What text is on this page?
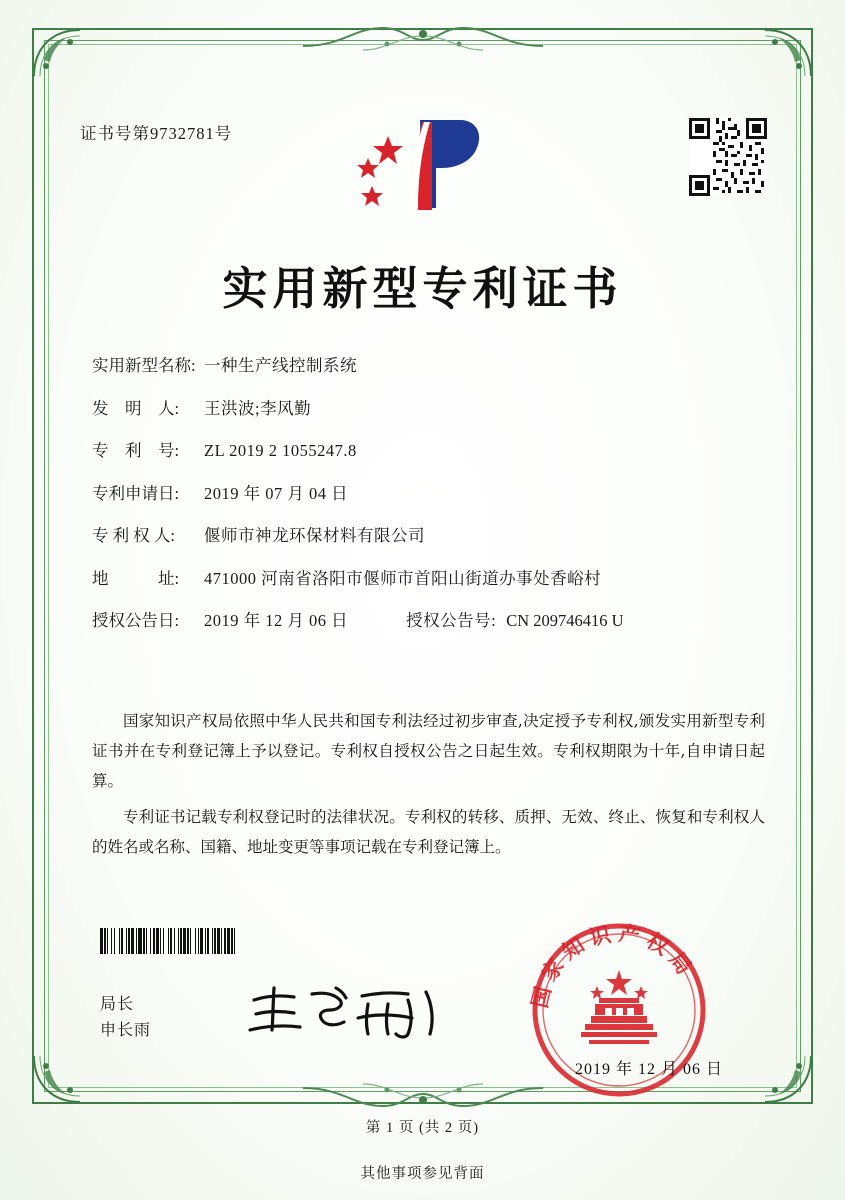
证书号第9732781号
实用新型专利证书
实用新型名称: 一种生产线控制系统
发　明　人:	王洪波;李风勤
专　利　号:	ZL 2019 2 1055247.8
专利申请日:	2019 年 07 月 04 日
专 利 权 人:	偃师市神龙环保材料有限公司
地　　　址:	471000 河南省洛阳市偃师市首阳山街道办事处香峪村
授权公告日:	2019 年 12 月 06 日	授权公告号: CN 209746416 U

国家知识产权局依照中华人民共和国专利法经过初步审查,决定授予专利权,颁发实用新型专利证书并在专利登记簿上予以登记。专利权自授权公告之日起生效。专利权期限为十年,自申请日起算。

专利证书记载专利权登记时的法律状况。专利权的转移、质押、无效、终止、恢复和专利权人的姓名或名称、国籍、地址变更等事项记载在专利登记簿上。

局长
申长雨
国家知识产权局
2019 年 12 月 06 日
第 1 页 (共 2 页)
其他事项参见背面
